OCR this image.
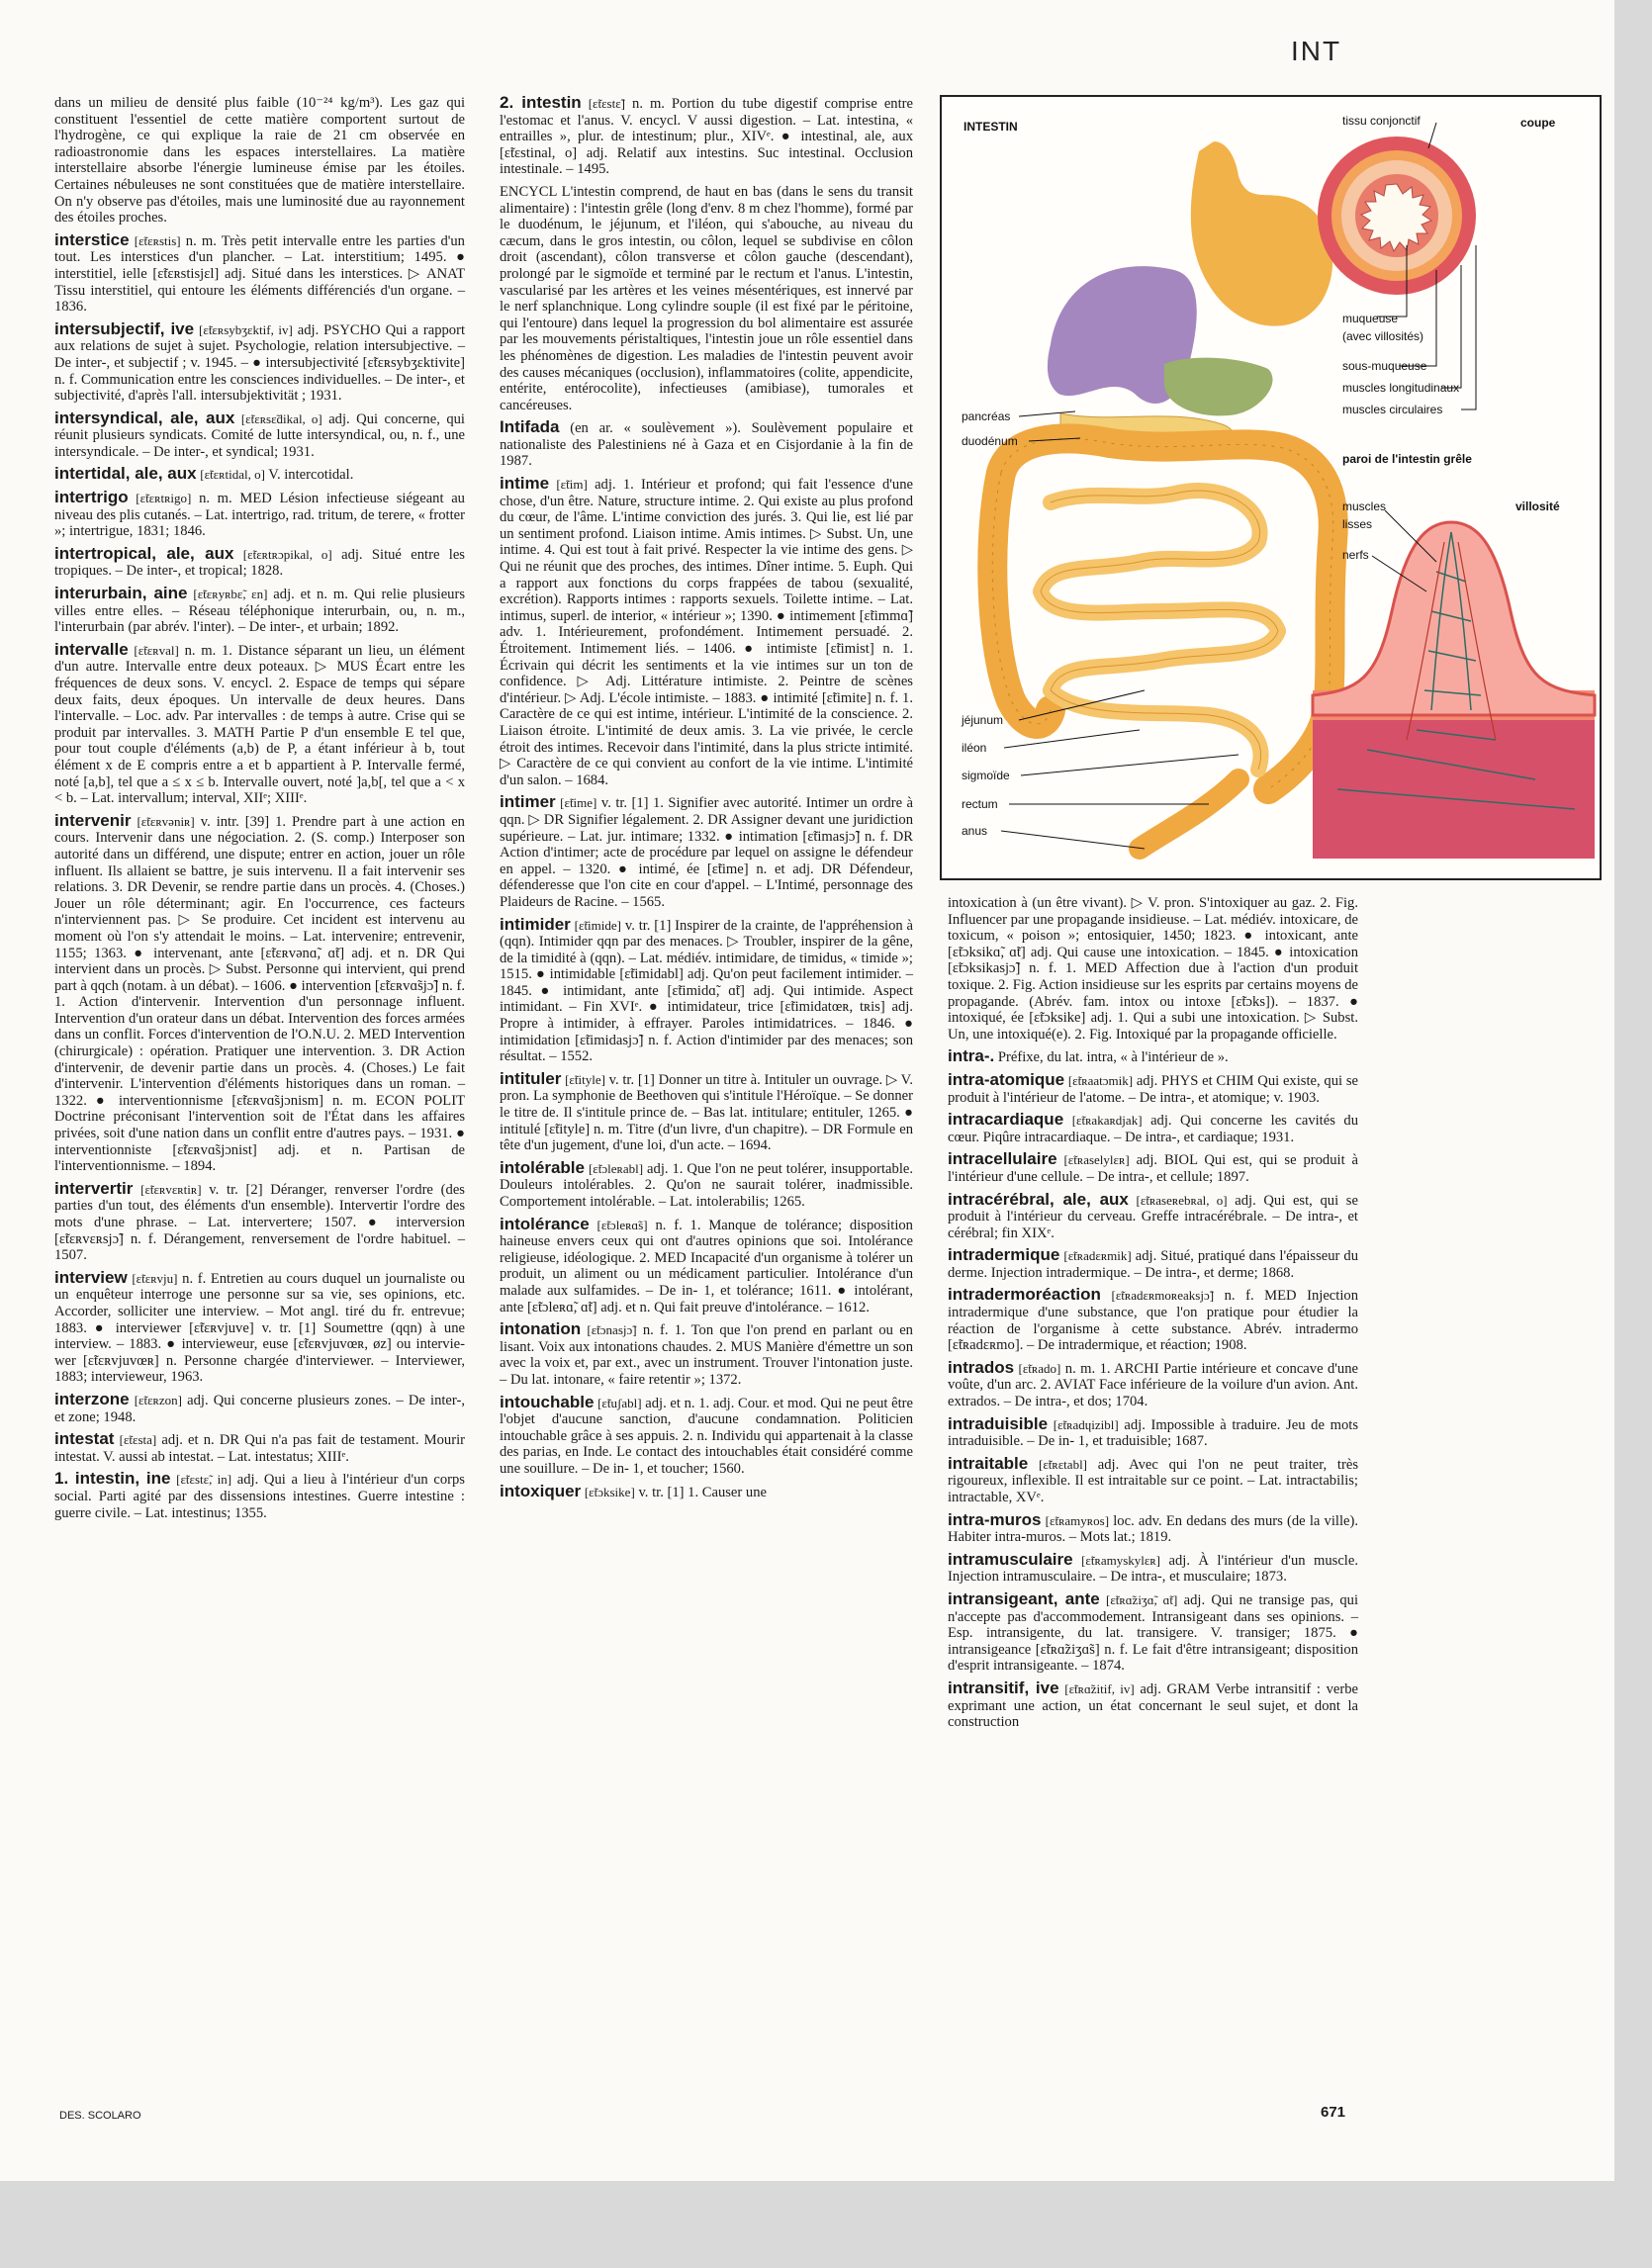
INT

dans un milieu de densité plus faible (10⁻²⁴ kg/m³). Les gaz qui constituent l'essentiel de cette matière comportent surtout de l'hydrogène, ce qui explique la raie de 21 cm observée en radioastronomie dans les espaces interstellaires. La matière interstellaire absorbe l'énergie lumineuse émise par les étoiles. Certaines nébuleuses ne sont constituées que de matière interstellaire. On n'y observe pas d'étoiles, mais une luminosité due au rayonnement des étoiles proches.

interstice [ɛ̃tɛʀstis] n. m. Très petit intervalle entre les parties d'un tout. Les interstices d'un plancher. – Lat. interstitium; 1495. ● interstitiel, ielle [ɛ̃tɛʀstisjɛl] adj. Situé dans les interstices. ▷ ANAT Tissu interstitiel, qui entoure les éléments différenciés d'un organe. – 1836.

intersubjectif, ive [ɛ̃tɛʀsybʒɛktif, iv] adj. PSYCHO Qui a rapport aux relations de sujet à sujet. Psychologie, relation intersubjective. – De inter-, et subjectif ; v. 1945. – ● intersubjectivité [ɛ̃tɛʀsybʒɛktivite] n. f. Communication entre les consciences individuelles. – De inter-, et subjectivité, d'après l'all. intersubjektivität ; 1931.

intersyndical, ale, aux [ɛ̃tɛʀsɛ̃dikal, o] adj. Qui concerne, qui réunit plusieurs syndicats. Comité de lutte intersyndical, ou, n. f., une intersyndicale. – De inter-, et syndical; 1931.

intertidal, ale, aux [ɛ̃tɛʀtidal, o] V. intercotidal.

intertrigo [ɛ̃tɛʀtʀigo] n. m. MED Lésion infectieuse siégeant au niveau des plis cutanés. – Lat. intertrigo, rad. tritum, de terere, « frotter »; intertrigue, 1831; 1846.

intertropical, ale, aux [ɛ̃tɛʀtʀɔpikal, o] adj. Situé entre les tropiques. – De inter-, et tropical; 1828.

interurbain, aine [ɛ̃tɛʀyʀbɛ̃, ɛn] adj. et n. m. Qui relie plusieurs villes entre elles. – Réseau téléphonique interurbain, ou, n. m., l'interurbain (par abrév. l'inter). – De inter-, et urbain; 1892.

intervalle [ɛ̃tɛʀval] n. m. 1. Distance séparant un lieu, un élément d'un autre. Intervalle entre deux poteaux. ▷ MUS Écart entre les fréquences de deux sons. V. encycl. 2. Espace de temps qui sépare deux faits, deux époques. Un intervalle de deux heures. Dans l'intervalle. – Loc. adv. Par intervalles : de temps à autre. Crise qui se produit par intervalles. 3. MATH Partie P d'un ensemble E tel que, pour tout couple d'éléments (a,b) de P, a étant inférieur à b, tout élément x de E compris entre a et b appartient à P. Intervalle fermé, noté [a,b], tel que a ≤ x ≤ b. Intervalle ouvert, noté ]a,b[, tel que a < x < b. – Lat. intervallum; interval, XIIᵉ; XIIIᵉ.

intervenir [ɛ̃tɛʀvəniʀ] v. intr. [39] 1. Prendre part à une action en cours. Intervenir dans une négociation. 2. (S. comp.) Interposer son autorité dans un différend, une dispute; entrer en action, jouer un rôle influent. Ils allaient se battre, je suis intervenu. Il a fait intervenir ses relations. 3. DR Devenir, se rendre partie dans un procès. 4. (Choses.) Jouer un rôle déterminant; agir. En l'occurrence, ces facteurs n'interviennent pas. ▷ Se produire. Cet incident est intervenu au moment où l'on s'y attendait le moins. – Lat. intervenire; entrevenir, 1155; 1363. ● intervenant, ante [ɛ̃tɛʀvənɑ̃, ɑ̃t] adj. et n. DR Qui intervient dans un procès. ▷ Subst. Personne qui intervient, qui prend part à qqch (notam. à un débat). – 1606. ● intervention [ɛ̃tɛʀvɑ̃sjɔ̃] n. f. 1. Action d'intervenir. Intervention d'un personnage influent. Intervention d'un orateur dans un débat. Intervention des forces armées dans un conflit. Forces d'intervention de l'O.N.U. 2. MED Intervention (chirurgicale) : opération. Pratiquer une intervention. 3. DR Action d'intervenir, de devenir partie dans un procès. 4. (Choses.) Le fait d'intervenir. L'intervention d'éléments historiques dans un roman. – 1322. ● interventionnisme [ɛ̃tɛʀvɑ̃sjɔnism] n. m. ECON POLIT Doctrine préconisant l'intervention soit de l'État dans les affaires privées, soit d'une nation dans un conflit entre d'autres pays. – 1931. ● interventionniste [ɛ̃tɛʀvɑ̃sjɔnist] adj. et n. Partisan de l'interventionnisme. – 1894.

intervertir [ɛ̃tɛʀvɛʀtiʀ] v. tr. [2] Déranger, renverser l'ordre (des parties d'un tout, des éléments d'un ensemble). Intervertir l'ordre des mots d'une phrase. – Lat. intervertere; 1507. ● interversion [ɛ̃tɛʀvɛʀsjɔ̃] n. f. Dérangement, renversement de l'ordre habituel. – 1507.

interview [ɛ̃tɛʀvju] n. f. Entretien au cours duquel un journaliste ou un enquêteur interroge une personne sur sa vie, ses opinions, etc. Accorder, solliciter une interview. – Mot angl. tiré du fr. entrevue; 1883. ● interviewer [ɛ̃tɛʀvjuve] v. tr. [1] Soumettre (qqn) à une interview. – 1883. ● intervieweur, euse [ɛ̃tɛʀvjuvœʀ, øz] ou interviewer [ɛ̃tɛʀvjuvœʀ] n. Personne chargée d'interviewer. – Interviewer, 1883; intervieweur, 1963.

interzone [ɛ̃tɛʀzon] adj. Qui concerne plusieurs zones. – De inter-, et zone; 1948.

intestat [ɛ̃tɛsta] adj. et n. DR Qui n'a pas fait de testament. Mourir intestat. V. aussi ab intestat. – Lat. intestatus; XIIIᵉ.

1. intestin, ine [ɛ̃tɛstɛ̃, in] adj. Qui a lieu à l'intérieur d'un corps social. Parti agité par des dissensions intestines. Guerre intestine : guerre civile. – Lat. intestinus; 1355.

2. intestin [ɛ̃tɛstɛ̃] n. m. Portion du tube digestif comprise entre l'estomac et l'anus. V. encycl. V aussi digestion. – Lat. intestina, « entrailles », plur. de intestinum; plur., XIVᵉ. ● intestinal, ale, aux [ɛ̃tɛstinal, o] adj. Relatif aux intestins. Suc intestinal. Occlusion intestinale. – 1495.

ENCYCL L'intestin comprend, de haut en bas (dans le sens du transit alimentaire) : l'intestin grêle (long d'env. 8 m chez l'homme), formé par le duodénum, le jéjunum, et l'iléon, qui s'abouche, au niveau du cæcum, dans le gros intestin, ou côlon, lequel se subdivise en côlon droit (ascendant), côlon transverse et côlon gauche (descendant), prolongé par le sigmoïde et terminé par le rectum et l'anus. L'intestin, vascularisé par les artères et les veines mésentériques, est innervé par le nerf splanchnique. Long cylindre souple (il est fixé par le péritoine, qui l'entoure) dans lequel la progression du bol alimentaire est assurée par les mouvements péristaltiques, l'intestin joue un rôle essentiel dans les phénomènes de digestion. Les maladies de l'intestin peuvent avoir des causes mécaniques (occlusion), inflammatoires (colite, appendicite, entérite, entérocolite), infectieuses (amibiase), tumorales et cancéreuses.

Intifada (en ar. « soulèvement »). Soulèvement populaire et nationaliste des Palestiniens né à Gaza et en Cisjordanie à la fin de 1987.

intime [ɛ̃tim] adj. 1. Intérieur et profond; qui fait l'essence d'une chose, d'un être. Nature, structure intime. 2. Qui existe au plus profond du cœur, de l'âme. L'intime conviction des jurés. 3. Qui lie, est lié par un sentiment profond. Liaison intime. Amis intimes. ▷ Subst. Un, une intime. 4. Qui est tout à fait privé. Respecter la vie intime des gens. ▷ Qui ne réunit que des proches, des intimes. Dîner intime. 5. Euph. Qui a rapport aux fonctions du corps frappées de tabou (sexualité, excrétion). Rapports intimes : rapports sexuels. Toilette intime. – Lat. intimus, superl. de interior, « intérieur »; 1390. ● intimement [ɛ̃timmɑ̃] adv. 1. Intérieurement, profondément. Intimement persuadé. 2. Étroitement. Intimement liés. – 1406. ● intimiste [ɛ̃timist] n. 1. Écrivain qui décrit les sentiments et la vie intimes sur un ton de confidence. ▷ Adj. Littérature intimiste. 2. Peintre de scènes d'intérieur. ▷ Adj. L'école intimiste. – 1883. ● intimité [ɛ̃timite] n. f. 1. Caractère de ce qui est intime, intérieur. L'intimité de la conscience. 2. Liaison étroite. L'intimité de deux amis. 3. La vie privée, le cercle étroit des intimes. Recevoir dans l'intimité, dans la plus stricte intimité. ▷ Caractère de ce qui convient au confort de la vie intime. L'intimité d'un salon. – 1684.

intimer [ɛ̃time] v. tr. [1] 1. Signifier avec autorité. Intimer un ordre à qqn. ▷ DR Signifier légalement. 2. DR Assigner devant une juridiction supérieure. – Lat. jur. intimare; 1332. ● intimation [ɛ̃timasjɔ̃] n. f. DR Action d'intimer; acte de procédure par lequel on assigne le défendeur en appel. – 1320. ● intimé, ée [ɛ̃time] n. et adj. DR Défendeur, défenderesse que l'on cite en cour d'appel. – L'Intimé, personnage des Plaideurs de Racine. – 1565.

intimider [ɛ̃timide] v. tr. [1] Inspirer de la crainte, de l'appréhension à (qqn). Intimider qqn par des menaces. ▷ Troubler, inspirer de la gêne, de la timidité à (qqn). – Lat. médiév. intimidare, de timidus, « timide »; 1515. ● intimidable [ɛ̃timidabl] adj. Qu'on peut facilement intimider. – 1845. ● intimidant, ante [ɛ̃timidɑ̃, ɑ̃t] adj. Qui intimide. Aspect intimidant. – Fin XVIᵉ. ● intimidateur, trice [ɛ̃timidatœʀ, tʀis] adj. Propre à intimider, à effrayer. Paroles intimidatrices. – 1846. ● intimidation [ɛ̃timidasjɔ̃] n. f. Action d'intimider par des menaces; son résultat. – 1552.

intituler [ɛ̃tityle] v. tr. [1] Donner un titre à. Intituler un ouvrage. ▷ V. pron. La symphonie de Beethoven qui s'intitule l'Héroïque. – Se donner le titre de. Il s'intitule prince de. – Bas lat. intitulare; entituler, 1265. ● intitulé [ɛ̃tityle] n. m. Titre (d'un livre, d'un chapitre). – DR Formule en tête d'un jugement, d'une loi, d'un acte. – 1694.

intolérable [ɛ̃tɔleʀabl] adj. 1. Que l'on ne peut tolérer, insupportable. Douleurs intolérables. 2. Qu'on ne saurait tolérer, inadmissible. Comportement intolérable. – Lat. intolerabilis; 1265.

intolérance [ɛ̃tɔleʀɑ̃s] n. f. 1. Manque de tolérance; disposition haineuse envers ceux qui ont d'autres opinions que soi. Intolérance religieuse, idéologique. 2. MED Incapacité d'un organisme à tolérer un produit, un aliment ou un médicament particulier. Intolérance d'un malade aux sulfamides. – De in- 1, et tolérance; 1611. ● intolérant, ante [ɛ̃tɔleʀɑ̃, ɑ̃t] adj. et n. Qui fait preuve d'intolérance. – 1612.

intonation [ɛ̃tɔnasjɔ̃] n. f. 1. Ton que l'on prend en parlant ou en lisant. Voix aux intonations chaudes. 2. MUS Manière d'émettre un son avec la voix et, par ext., avec un instrument. Trouver l'intonation juste. – Du lat. intonare, « faire retentir »; 1372.

intouchable [ɛ̃tuʃabl] adj. et n. 1. adj. Cour. et mod. Qui ne peut être l'objet d'aucune sanction, d'aucune condamnation. Politicien intouchable grâce à ses appuis. 2. n. Individu qui appartenait à la classe des parias, en Inde. Le contact des intouchables était considéré comme une souillure. – De in- 1, et toucher; 1560.

intoxiquer [ɛ̃tɔksike] v. tr. [1] 1. Causer une

INTESTIN	coupe
pancréas
duodénum
jéjunum
iléon
sigmoïde
rectum
anus
tissu conjonctif
muqueuse
(avec villosités)
sous-muqueuse
muscles longitudinaux
muscles circulaires
paroi de l'intestin grêle
villosité
muscles
lisses
nerfs

intoxication à (un être vivant). ▷ V. pron. S'intoxiquer au gaz. 2. Fig. Influencer par une propagande insidieuse. – Lat. médiév. intoxicare, de toxicum, « poison »; entosiquier, 1450; 1823. ● intoxicant, ante [ɛ̃tɔksikɑ̃, ɑ̃t] adj. Qui cause une intoxication. – 1845. ● intoxication [ɛ̃tɔksikasjɔ̃] n. f. 1. MED Affection due à l'action d'un produit toxique. 2. Fig. Action insidieuse sur les esprits par certains moyens de propagande. (Abrév. fam. intox ou intoxe [ɛ̃tɔks]). – 1837. ● intoxiqué, ée [ɛ̃tɔksike] adj. 1. Qui a subi une intoxication. ▷ Subst. Un, une intoxiqué(e). 2. Fig. Intoxiqué par la propagande officielle.

intra-. Préfixe, du lat. intra, « à l'intérieur de ».

intra-atomique [ɛ̃tʀaatɔmik] adj. PHYS et CHIM Qui existe, qui se produit à l'intérieur de l'atome. – De intra-, et atomique; v. 1903.

intracardiaque [ɛ̃tʀakaʀdjak] adj. Qui concerne les cavités du cœur. Piqûre intracardiaque. – De intra-, et cardiaque; 1931.

intracellulaire [ɛ̃tʀaselylɛʀ] adj. BIOL Qui est, qui se produit à l'intérieur d'une cellule. – De intra-, et cellule; 1897.

intracérébral, ale, aux [ɛ̃tʀaseʀebʀal, o] adj. Qui est, qui se produit à l'intérieur du cerveau. Greffe intracérébrale. – De intra-, et cérébral; fin XIXᵉ.

intradermique [ɛ̃tʀadɛʀmik] adj. Situé, pratiqué dans l'épaisseur du derme. Injection intradermique. – De intra-, et derme; 1868.

intradermoréaction [ɛ̃tʀadɛʀmoʀeaksjɔ̃] n. f. MED Injection intradermique d'une substance, que l'on pratique pour étudier la réaction de l'organisme à cette substance. Abrév. intradermo [ɛ̃tʀadɛʀmo]. – De intradermique, et réaction; 1908.

intrados [ɛ̃tʀado] n. m. 1. ARCHI Partie intérieure et concave d'une voûte, d'un arc. 2. AVIAT Face inférieure de la voilure d'un avion. Ant. extrados. – De intra-, et dos; 1704.

intraduisible [ɛ̃tʀadɥizibl] adj. Impossible à traduire. Jeu de mots intraduisible. – De in- 1, et traduisible; 1687.

intraitable [ɛ̃tʀɛtabl] adj. Avec qui l'on ne peut traiter, très rigoureux, inflexible. Il est intraitable sur ce point. – Lat. intractabilis; intractable, XVᵉ.

intra-muros [ɛ̃tʀamyʀos] loc. adv. En dedans des murs (de la ville). Habiter intra-muros. – Mots lat.; 1819.

intramusculaire [ɛ̃tʀamyskylɛʀ] adj. À l'intérieur d'un muscle. Injection intramusculaire. – De intra-, et musculaire; 1873.

intransigeant, ante [ɛ̃tʀɑ̃ziʒɑ̃, ɑ̃t] adj. Qui ne transige pas, qui n'accepte pas d'accommodement. Intransigeant dans ses opinions. – Esp. intransigente, du lat. transigere. V. transiger; 1875. ● intransigeance [ɛ̃tʀɑ̃ziʒɑ̃s] n. f. Le fait d'être intransigeant; disposition d'esprit intransigeante. – 1874.

intransitif, ive [ɛ̃tʀɑ̃zitif, iv] adj. GRAM Verbe intransitif : verbe exprimant une action, un état concernant le seul sujet, et dont la construction

DES. SCOLARO	671
